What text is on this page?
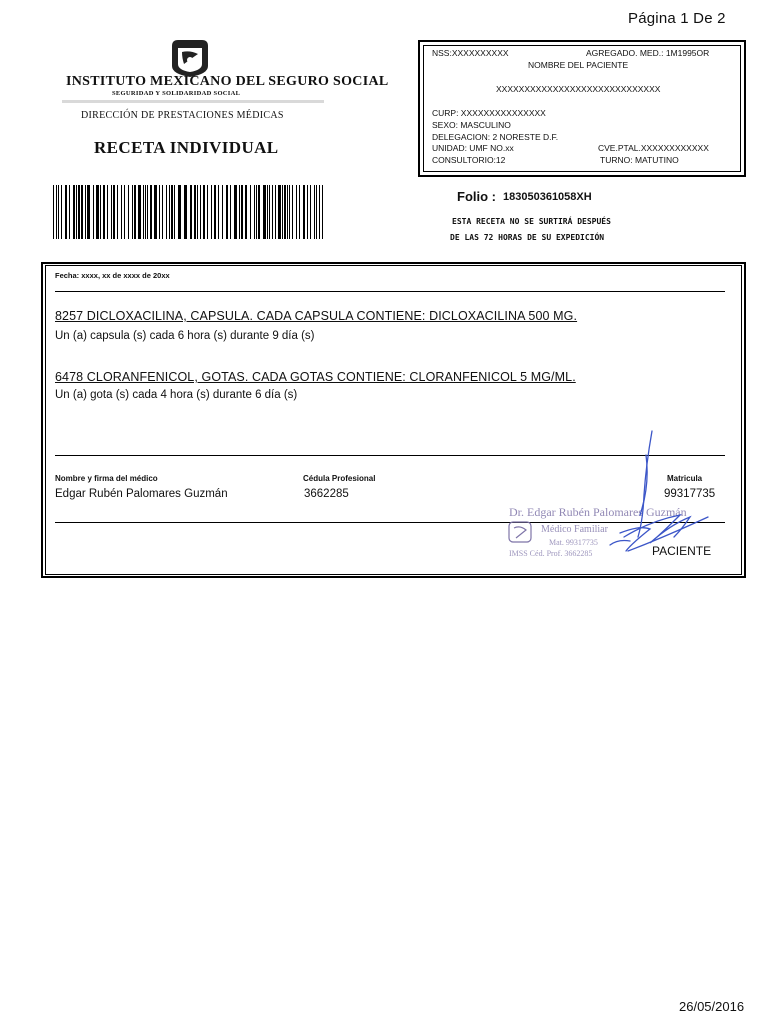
Página 1 De 2
INSTITUTO MEXICANO DEL SEGURO SOCIAL
SEGURIDAD Y SOLIDARIDAD SOCIAL
DIRECCIÓN DE PRESTACIONES MÉDICAS
RECETA INDIVIDUAL
NSS:XXXXXXXXXX	AGREGADO. MED.: 1M1995OR
NOMBRE DEL PACIENTE
XXXXXXXXXXXXXXXXXXXXXXXXXXXXX
CURP: XXXXXXXXXXXXXXX
SEXO: MASCULINO
DELEGACION: 2 NORESTE D.F.
UNIDAD: UMF NO.xx	CVE.PTAL.XXXXXXXXXXXX
CONSULTORIO:12	TURNO: MATUTINO
Folio : 183050361058XH
ESTA RECETA NO SE SURTIRÁ DESPUÉS
DE LAS 72 HORAS DE SU EXPEDICIÓN
Fecha: xxxx, xx de xxxx de 20xx
8257 DICLOXACILINA, CAPSULA. CADA CAPSULA CONTIENE: DICLOXACILINA 500 MG.
Un (a) capsula (s) cada 6 hora (s) durante 9 día (s)
6478 CLORANFENICOL, GOTAS. CADA GOTAS CONTIENE: CLORANFENICOL 5 MG/ML.
Un (a) gota (s) cada 4 hora (s) durante 6 día (s)
Nombre y firma del médico	Cédula Profesional	Matricula
Edgar Rubén Palomares Guzmán	3662285	99317735
Dr. Edgar Rubén Palomares Guzmán
Médico Familiar
Mat. 99317735
IMSS Céd. Prof. 3662285	PACIENTE
26/05/2016
